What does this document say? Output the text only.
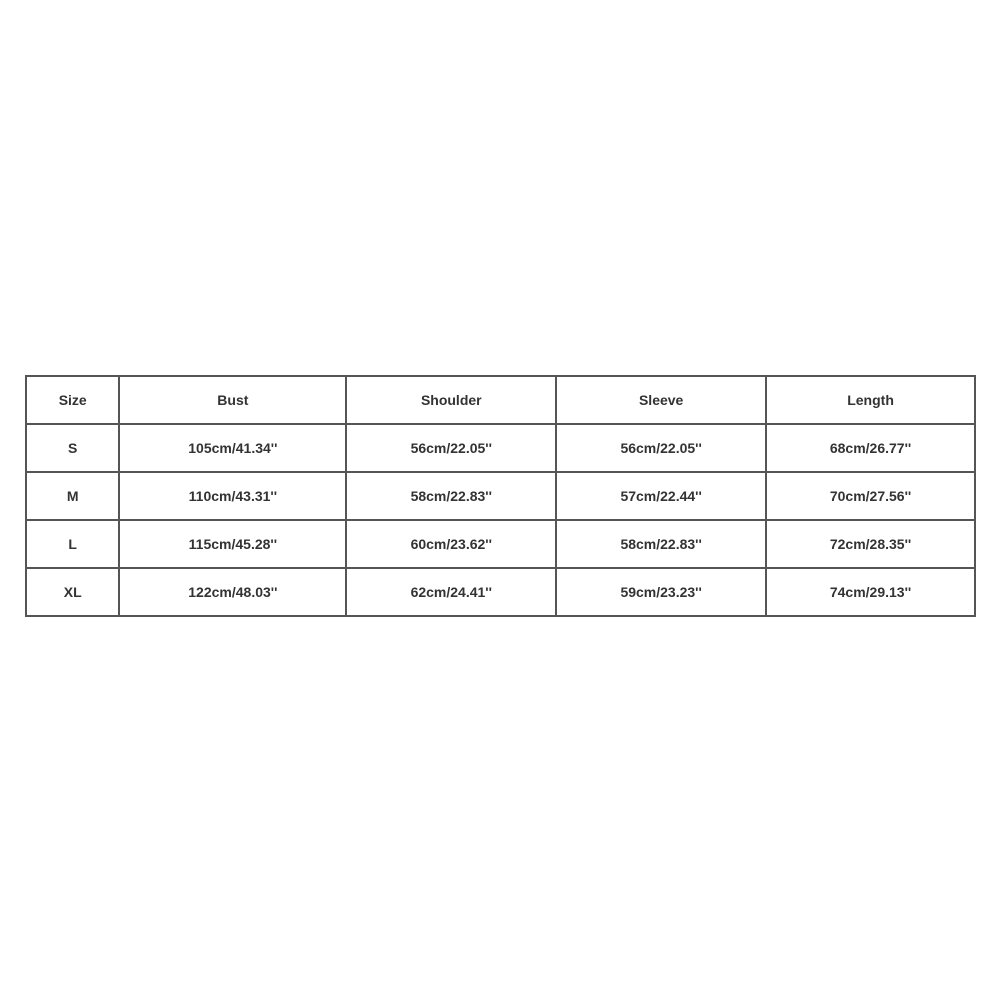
Size	Bust	Shoulder	Sleeve	Length
S	105cm/41.34''	56cm/22.05''	56cm/22.05''	68cm/26.77''
M	110cm/43.31''	58cm/22.83''	57cm/22.44''	70cm/27.56''
L	115cm/45.28''	60cm/23.62''	58cm/22.83''	72cm/28.35''
XL	122cm/48.03''	62cm/24.41''	59cm/23.23''	74cm/29.13''
